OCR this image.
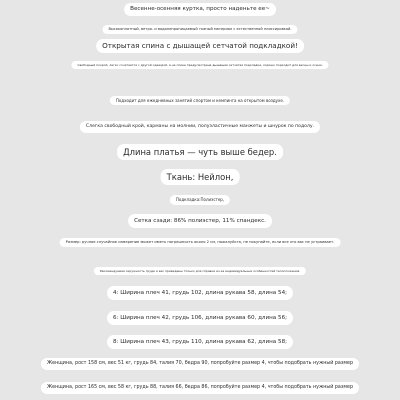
Весенне-осенняя куртка, просто наденьте ее~
Высокоплотный, ветро- и водонепроницаемый тканый материал с естественной плиссировкой.
Открытая спина с дышащей сетчатой подкладкой!
Свободный покрой, легко сочетается с другой одеждой, а на спине предусмотрена дышащая сетчатая подкладка, хорошо подходит для весны и осени.
Подходит для ежедневных занятий спортом и кемпинга на открытом воздухе.
Слегка свободный крой, карманы на молнии, полуэластичные манжеты и шнурок по подолу.
Длина платья — чуть выше бедер.
Ткань: Нейлон,
Подкладка:Полиэстер,
Сетка сзади: 86% полиэстер, 11% спандекс.
Размер: ручное случайное измерение может иметь погрешность около 2 см, пожалуйста, не покупайте, если все это вас не устраивает.
Рекомендуемая окружность груди и вес приведены только для справки из-за индивидуальных особенностей телосложения.
4: Ширина плеч 41, грудь 102, длина рукава 58, длина 54;
6: Ширина плеч 42, грудь 106, длина рукава 60, длина 56;
8: Ширина плеч 43, грудь 110, длина рукава 62, длина 58;
Женщина, рост 158 см, вес 51 кг, грудь 84, талия 70, бедра 90, попробуйте размер 4, чтобы подобрать нужный размер
Женщина, рост 165 см, вес 58 кг, грудь 88, талия 66, бедра 86, попробуйте размер 4, чтобы подобрать нужный размер
